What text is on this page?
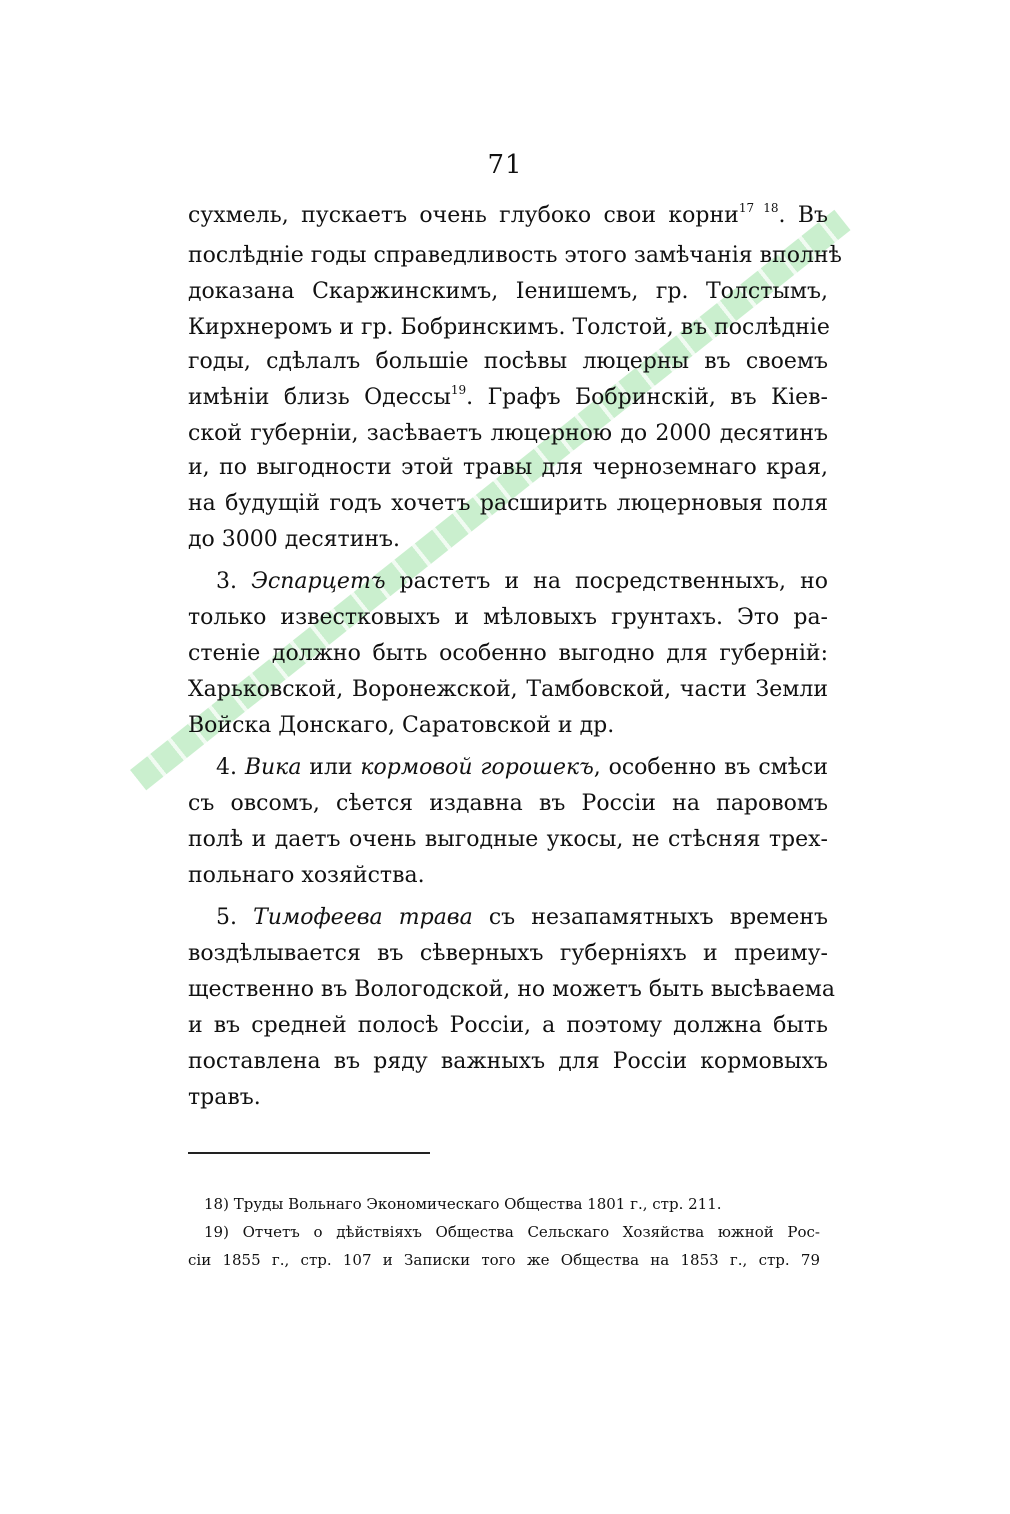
71
сухмель, пускаетъ очень глубоко свои корни$^{17 18}$. Въ
послѣдніе годы справедливость этого замѣчанія вполнѣ
доказана Скаржинскимъ, Іенишемъ, гр. Толстымъ,
Кирхнеромъ и гр. Бобринскимъ. Толстой, въ послѣдніе
годы, сдѣлалъ большіе посѣвы люцерны въ своемъ
имѣніи близь Одессы$^{19}$. Графъ Бобринскій, въ Кіев-
ской губерніи, засѣваетъ люцерною до 2000 десятинъ
и, по выгодности этой травы для черноземнаго края,
на будущій годъ хочетъ расширить люцерновыя поля
до 3000 десятинъ.
3. Эспарцетъ растетъ и на посредственныхъ, но
только известковыхъ и мѣловыхъ грунтахъ. Это ра-
стеніе должно быть особенно выгодно для губерній:
Харьковской, Воронежской, Тамбовской, части Земли
Войска Донскаго, Саратовской и др.
4. Вика или кормовой горошекъ, особенно въ смѣси
съ овсомъ, сѣется издавна въ Россіи на паровомъ
полѣ и даетъ очень выгодные укосы, не стѣсняя трех-
польнаго хозяйства.
5. Тимофеева трава съ незапамятныхъ временъ
воздѣлывается въ сѣверныхъ губерніяхъ и преиму-
щественно въ Вологодской, но можетъ быть высѣваема
и въ средней полосѣ Россіи, а поэтому должна быть
поставлена въ ряду важныхъ для Россіи кормовыхъ
травъ.
18) Труды Вольнаго Экономическаго Общества 1801 г., стр. 211.
19) Отчетъ о дѣйствіяхъ Общества Сельскаго Хозяйства южной Рос-
сіи 1855 г., стр. 107 и Записки того же Общества на 1853 г., стр. 79
